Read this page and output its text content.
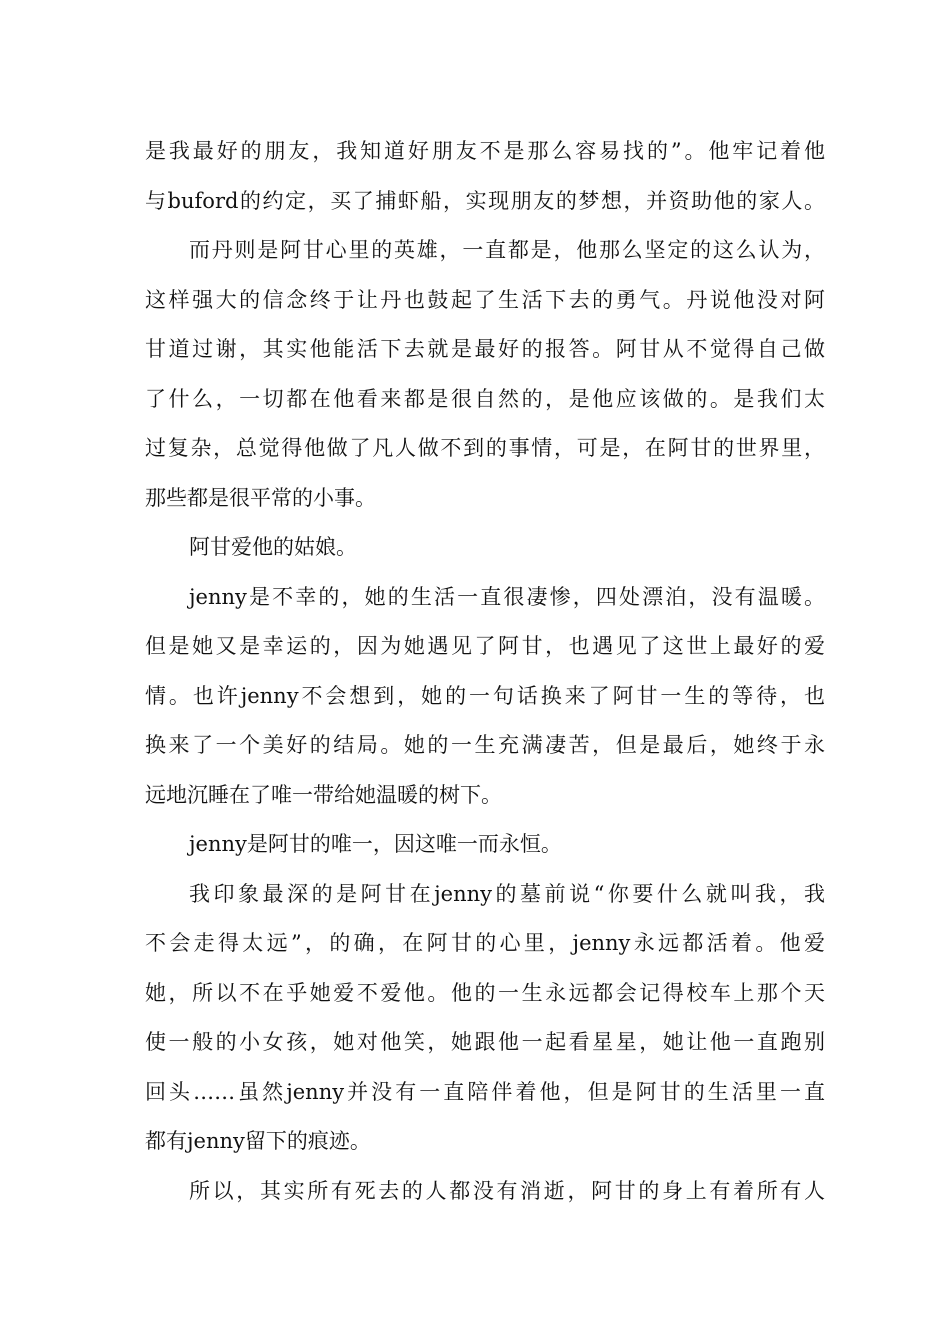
是我最好的朋友，我知道好朋友不是那么容易找的”。他牢记着他
与buford的约定，买了捕虾船，实现朋友的梦想，并资助他的家人。
而丹则是阿甘心里的英雄，一直都是，他那么坚定的这么认为，
这样强大的信念终于让丹也鼓起了生活下去的勇气。丹说他没对阿
甘道过谢，其实他能活下去就是最好的报答。阿甘从不觉得自己做
了什么，一切都在他看来都是很自然的，是他应该做的。是我们太
过复杂，总觉得他做了凡人做不到的事情，可是，在阿甘的世界里，
那些都是很平常的小事。
阿甘爱他的姑娘。
jenny是不幸的，她的生活一直很凄惨，四处漂泊，没有温暖。
但是她又是幸运的，因为她遇见了阿甘，也遇见了这世上最好的爱
情。也许jenny不会想到，她的一句话换来了阿甘一生的等待，也
换来了一个美好的结局。她的一生充满凄苦，但是最后，她终于永
远地沉睡在了唯一带给她温暖的树下。
jenny是阿甘的唯一，因这唯一而永恒。
我印象最深的是阿甘在jenny的墓前说“你要什么就叫我，我
不会走得太远”，的确，在阿甘的心里，jenny永远都活着。他爱
她，所以不在乎她爱不爱他。他的一生永远都会记得校车上那个天
使一般的小女孩，她对他笑，她跟他一起看星星，她让他一直跑别
回头……虽然jenny并没有一直陪伴着他，但是阿甘的生活里一直
都有jenny留下的痕迹。
所以，其实所有死去的人都没有消逝，阿甘的身上有着所有人
